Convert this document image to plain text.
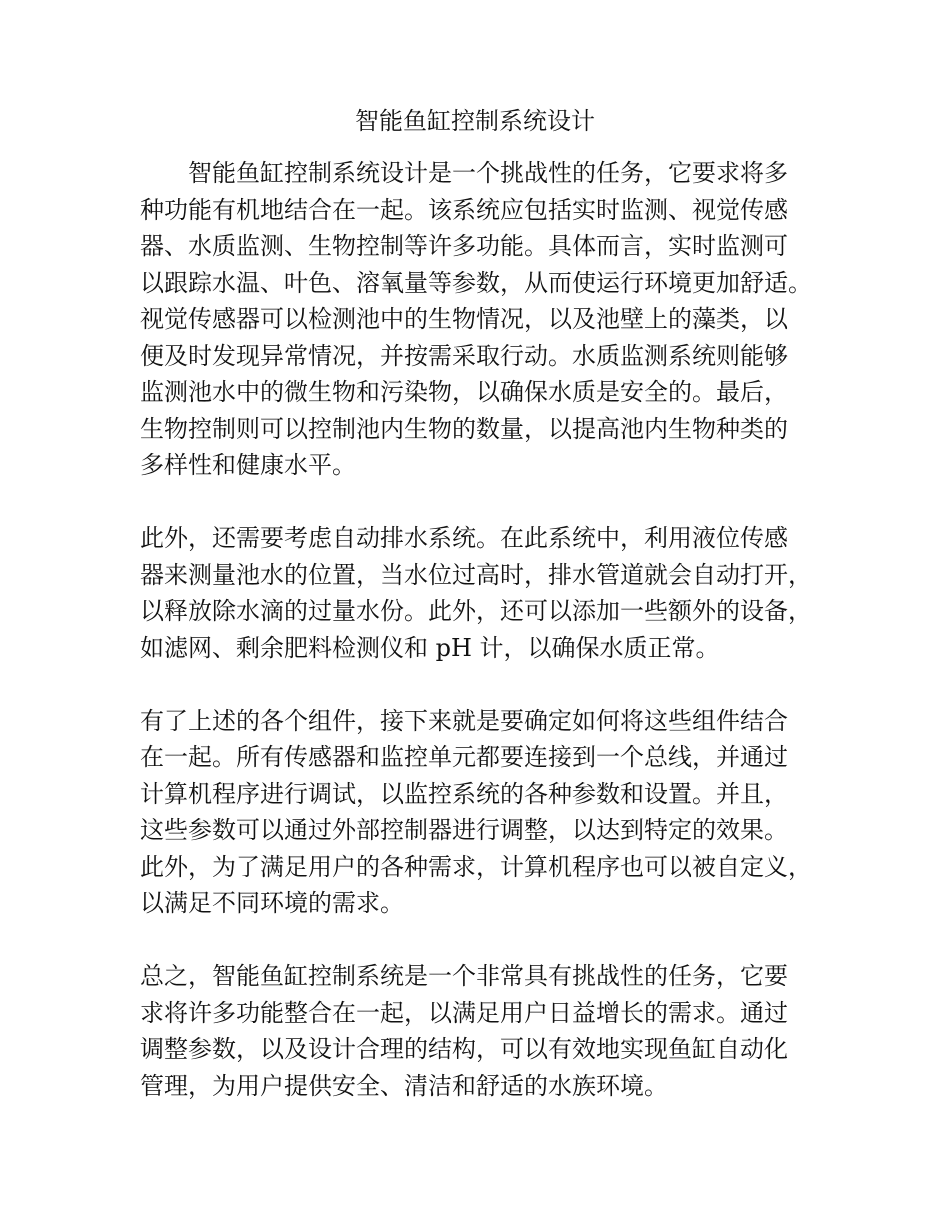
智能鱼缸控制系统设计

　　智能鱼缸控制系统设计是一个挑战性的任务，它要求将多
种功能有机地结合在一起。该系统应包括实时监测、视觉传感
器、水质监测、生物控制等许多功能。具体而言，实时监测可
以跟踪水温、叶色、溶氧量等参数，从而使运行环境更加舒适。
视觉传感器可以检测池中的生物情况，以及池壁上的藻类，以
便及时发现异常情况，并按需采取行动。水质监测系统则能够
监测池水中的微生物和污染物，以确保水质是安全的。最后，
生物控制则可以控制池内生物的数量，以提高池内生物种类的
多样性和健康水平。

此外，还需要考虑自动排水系统。在此系统中，利用液位传感
器来测量池水的位置，当水位过高时，排水管道就会自动打开，
以释放除水滴的过量水份。此外，还可以添加一些额外的设备，
如滤网、剩余肥料检测仪和 pH 计，以确保水质正常。

有了上述的各个组件，接下来就是要确定如何将这些组件结合
在一起。所有传感器和监控单元都要连接到一个总线，并通过
计算机程序进行调试，以监控系统的各种参数和设置。并且，
这些参数可以通过外部控制器进行调整，以达到特定的效果。
此外，为了满足用户的各种需求，计算机程序也可以被自定义，
以满足不同环境的需求。

总之，智能鱼缸控制系统是一个非常具有挑战性的任务，它要
求将许多功能整合在一起，以满足用户日益增长的需求。通过
调整参数，以及设计合理的结构，可以有效地实现鱼缸自动化
管理，为用户提供安全、清洁和舒适的水族环境。
